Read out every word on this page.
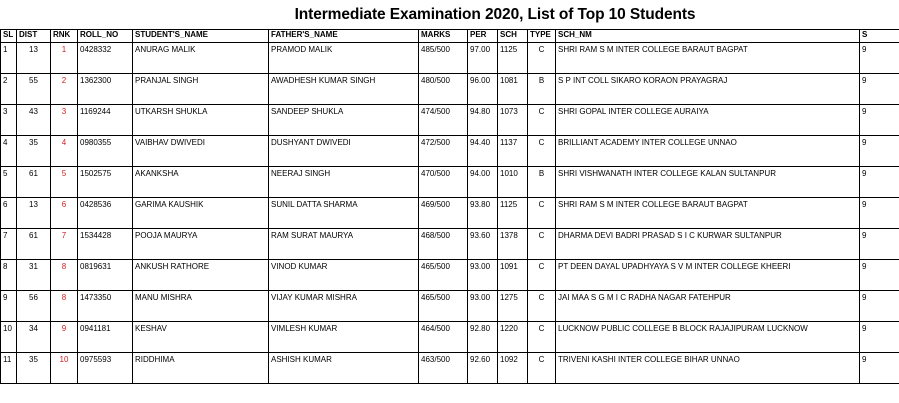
Intermediate Examination 2020, List of Top 10 Students
SL	DIST	RNK	ROLL_NO	STUDENT'S_NAME	FATHER'S_NAME	MARKS	PER	SCH	TYPE	SCH_NM	S
1	13	1	0428332	ANURAG MALIK	PRAMOD MALIK	485/500	97.00	1125	C	SHRI RAM S M INTER COLLEGE BARAUT BAGPAT	9
2	55	2	1362300	PRANJAL SINGH	AWADHESH KUMAR SINGH	480/500	96.00	1081	B	S P INT COLL SIKARO KORAON PRAYAGRAJ	9
3	43	3	1169244	UTKARSH SHUKLA	SANDEEP SHUKLA	474/500	94.80	1073	C	SHRI GOPAL INTER COLLEGE AURAIYA	9
4	35	4	0980355	VAIBHAV DWIVEDI	DUSHYANT DWIVEDI	472/500	94.40	1137	C	BRILLIANT ACADEMY INTER COLLEGE UNNAO	9
5	61	5	1502575	AKANKSHA	NEERAJ SINGH	470/500	94.00	1010	B	SHRI VISHWANATH INTER COLLEGE KALAN SULTANPUR	9
6	13	6	0428536	GARIMA KAUSHIK	SUNIL DATTA SHARMA	469/500	93.80	1125	C	SHRI RAM S M INTER COLLEGE BARAUT BAGPAT	9
7	61	7	1534428	POOJA MAURYA	RAM SURAT MAURYA	468/500	93.60	1378	C	DHARMA DEVI BADRI PRASAD S I C KURWAR SULTANPUR	9
8	31	8	0819631	ANKUSH RATHORE	VINOD KUMAR	465/500	93.00	1091	C	PT DEEN DAYAL UPADHYAYA S V M INTER COLLEGE KHEERI	9
9	56	8	1473350	MANU MISHRA	VIJAY KUMAR MISHRA	465/500	93.00	1275	C	JAI MAA S G M I C RADHA NAGAR FATEHPUR	9
10	34	9	0941181	KESHAV	VIMLESH KUMAR	464/500	92.80	1220	C	LUCKNOW PUBLIC COLLEGE B BLOCK RAJAJIPURAM LUCKNOW	9
11	35	10	0975593	RIDDHIMA	ASHISH KUMAR	463/500	92.60	1092	C	TRIVENI KASHI INTER COLLEGE BIHAR UNNAO	9
